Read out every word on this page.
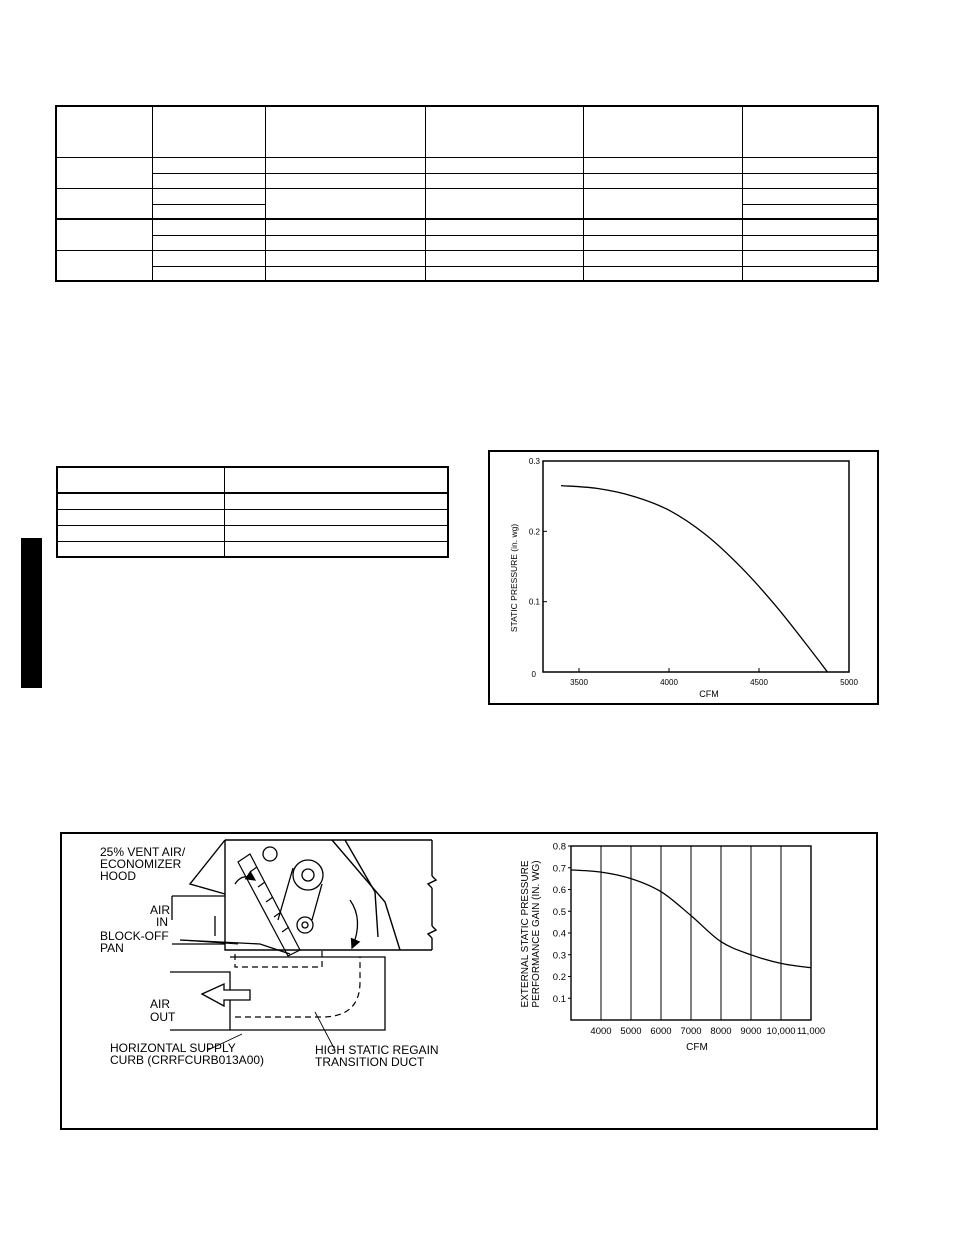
0
0.1
0.2
0.3
3500	4000	4500	5000
CFM
STATIC PRESSURE (in. wg)
25% VENT AIR/
ECONOMIZER
HOOD
AIR
IN
BLOCK-OFF
PAN
AIR
OUT
HORIZONTAL SUPPLY
CURB (CRRFCURB013A00)
HIGH STATIC REGAIN
TRANSITION DUCT
0.1
0.2
0.3
0.4
0.5
0.6
0.7
0.8
4000 5000 6000 7000 8000 9000 10,000 11,000
CFM
EXTERNAL STATIC PRESSURE PERFORMANCE GAIN (IN. WG)
